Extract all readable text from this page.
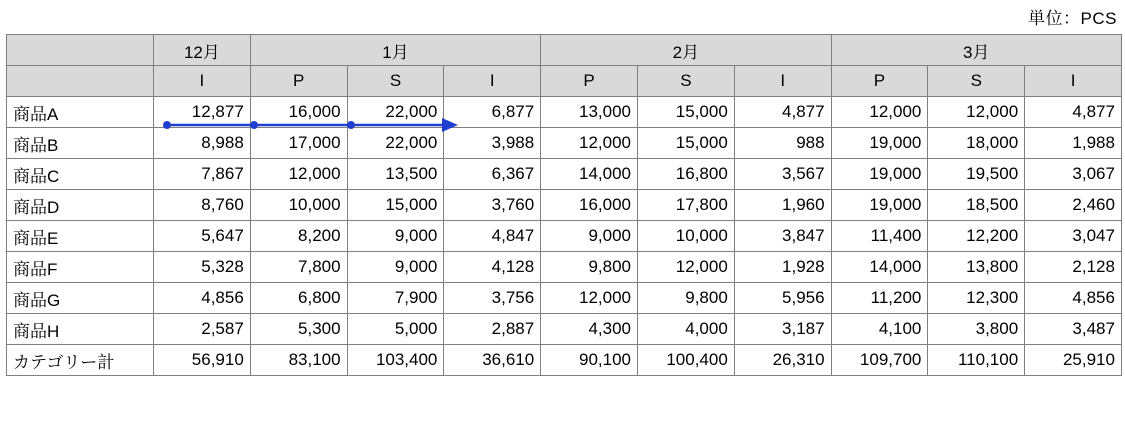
単位：PCS
	12月	1月			2月			3月		
	I	P	S	I	P	S	I	P	S	I
商品A	12,877	16,000	22,000	6,877	13,000	15,000	4,877	12,000	12,000	4,877
商品B	8,988	17,000	22,000	3,988	12,000	15,000	988	19,000	18,000	1,988
商品C	7,867	12,000	13,500	6,367	14,000	16,800	3,567	19,000	19,500	3,067
商品D	8,760	10,000	15,000	3,760	16,000	17,800	1,960	19,000	18,500	2,460
商品E	5,647	8,200	9,000	4,847	9,000	10,000	3,847	11,400	12,200	3,047
商品F	5,328	7,800	9,000	4,128	9,800	12,000	1,928	14,000	13,800	2,128
商品G	4,856	6,800	7,900	3,756	12,000	9,800	5,956	11,200	12,300	4,856
商品H	2,587	5,300	5,000	2,887	4,300	4,000	3,187	4,100	3,800	3,487
カテゴリー計	56,910	83,100	103,400	36,610	90,100	100,400	26,310	109,700	110,100	25,910
